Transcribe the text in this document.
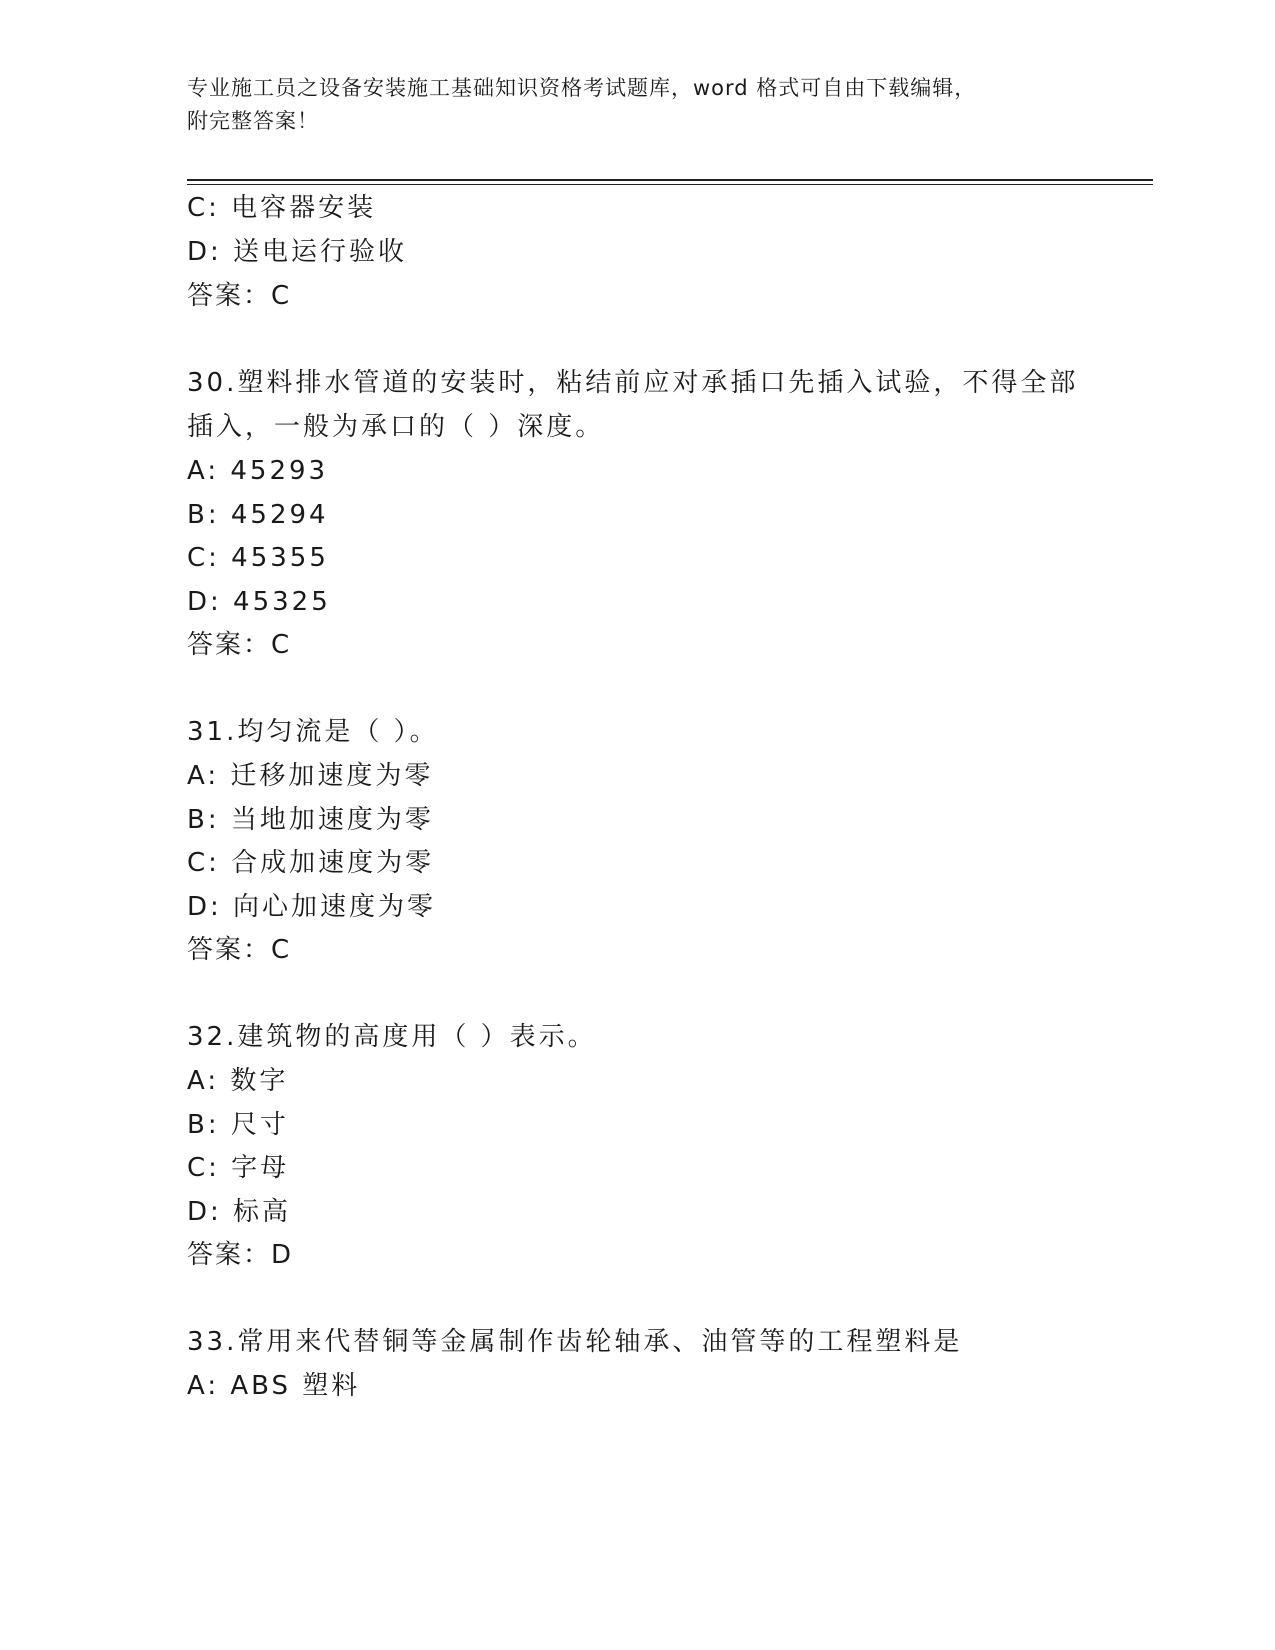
专业施工员之设备安装施工基础知识资格考试题库，word 格式可自由下载编辑，
附完整答案！
C: 电容器安装
D: 送电运行验收
答案：C
30.塑料排水管道的安装时，粘结前应对承插口先插入试验，不得全部
插入，一般为承口的（ ）深度。
A: 45293
B: 45294
C: 45355
D: 45325
答案：C
31.均匀流是（ ）。
A: 迁移加速度为零
B: 当地加速度为零
C: 合成加速度为零
D: 向心加速度为零
答案：C
32.建筑物的高度用（ ）表示。
A: 数字
B: 尺寸
C: 字母
D: 标高
答案：D
33.常用来代替铜等金属制作齿轮轴承、油管等的工程塑料是
A: ABS 塑料
